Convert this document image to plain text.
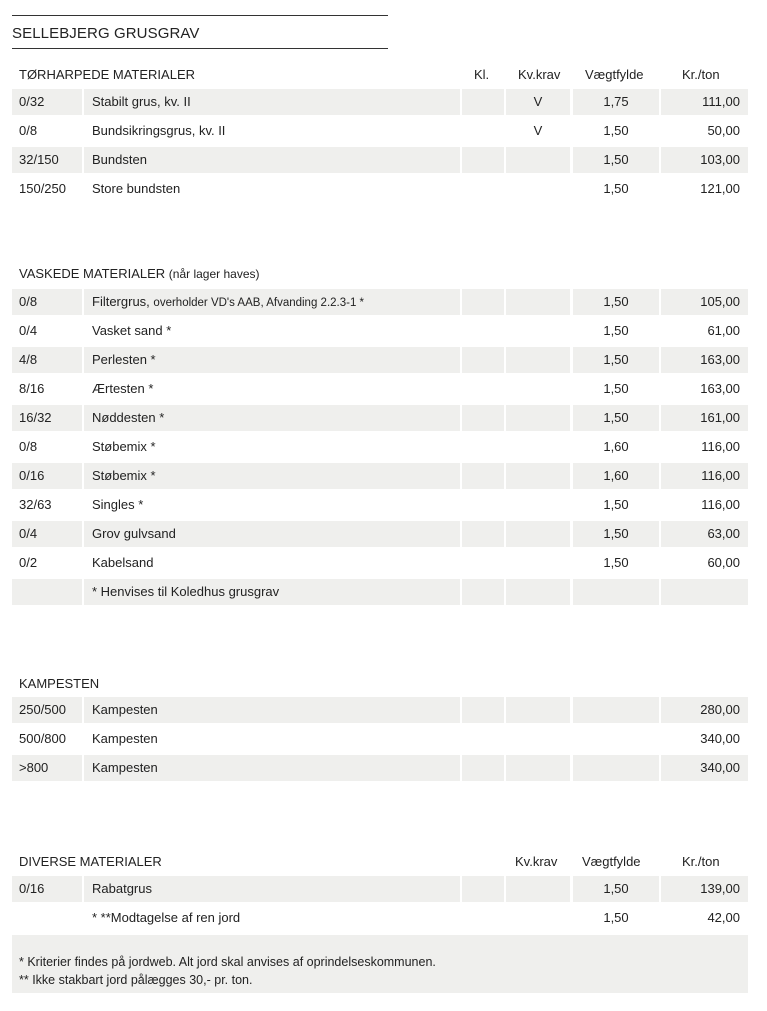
SELLEBJERG GRUSGRAV
TØRHARPEDE MATERIALER	Kl. Kv.krav Vægtfylde	Kr./ton
0/32	Stabilt grus, kv. II	V	1,75	111,00
0/8	Bundsikringsgrus, kv. II	V	1,50	50,00
32/150	Bundsten	1,50	103,00
150/250	Store bundsten	1,50	121,00
VASKEDE MATERIALER (når lager haves)
0/8	Filtergrus, overholder VD's AAB, Afvanding 2.2.3-1 *	1,50	105,00
0/4	Vasket sand *	1,50	61,00
4/8	Perlesten *	1,50	163,00
8/16	Ærtesten *	1,50	163,00
16/32	Nøddesten *	1,50	161,00
0/8	Støbemix *	1,60	116,00
0/16	Støbemix *	1,60	116,00
32/63	Singles *	1,50	116,00
0/4	Grov gulvsand	1,50	63,00
0/2	Kabelsand	1,50	60,00
* Henvises til Koledhus grusgrav
KAMPESTEN
250/500	Kampesten	280,00
500/800	Kampesten	340,00
>800	Kampesten	340,00
DIVERSE MATERIALER	Kv.krav Vægtfylde	Kr./ton
0/16	Rabatgrus	1,50	139,00
* **Modtagelse af ren jord	1,50	42,00
* Kriterier findes på jordweb. Alt jord skal anvises af oprindelseskommunen.
** Ikke stakbart jord pålægges 30,- pr. ton.
